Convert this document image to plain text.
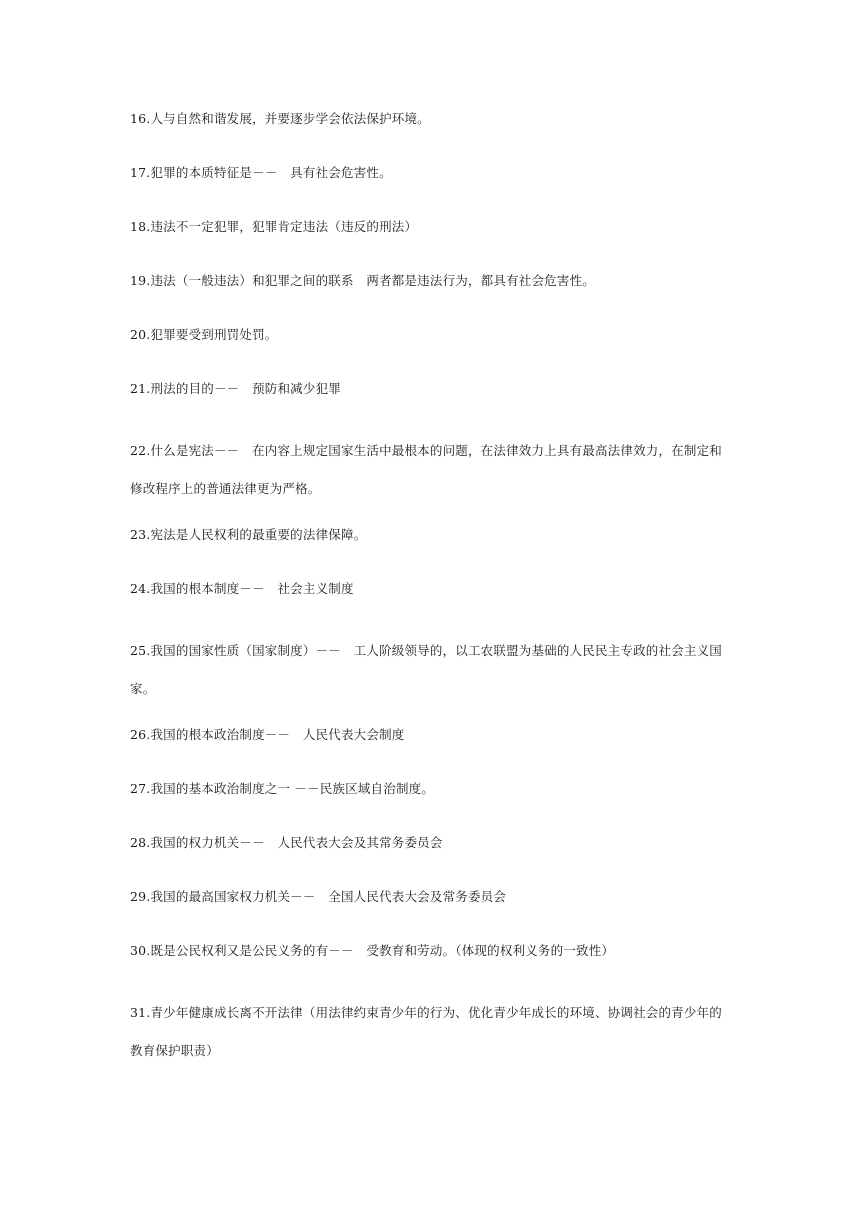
16.人与自然和谐发展，并要逐步学会依法保护环境。

17.犯罪的本质特征是－－　具有社会危害性。

18.违法不一定犯罪，犯罪肯定违法（违反的刑法）

19.违法（一般违法）和犯罪之间的联系　两者都是违法行为，都具有社会危害性。

20.犯罪要受到刑罚处罚。

21.刑法的目的－－　预防和减少犯罪

22.什么是宪法－－　在内容上规定国家生活中最根本的问题，在法律效力上具有最高法律效力，在制定和修改程序上的普通法律更为严格。

23.宪法是人民权利的最重要的法律保障。

24.我国的根本制度－－　社会主义制度

25.我国的国家性质（国家制度）－－　工人阶级领导的，以工农联盟为基础的人民民主专政的社会主义国家。

26.我国的根本政治制度－－　人民代表大会制度

27.我国的基本政治制度之一 －－民族区域自治制度。

28.我国的权力机关－－　人民代表大会及其常务委员会

29.我国的最高国家权力机关－－　全国人民代表大会及常务委员会

30.既是公民权利又是公民义务的有－－　受教育和劳动。（体现的权利义务的一致性）

31.青少年健康成长离不开法律（用法律约束青少年的行为、优化青少年成长的环境、协调社会的青少年的教育保护职责）
